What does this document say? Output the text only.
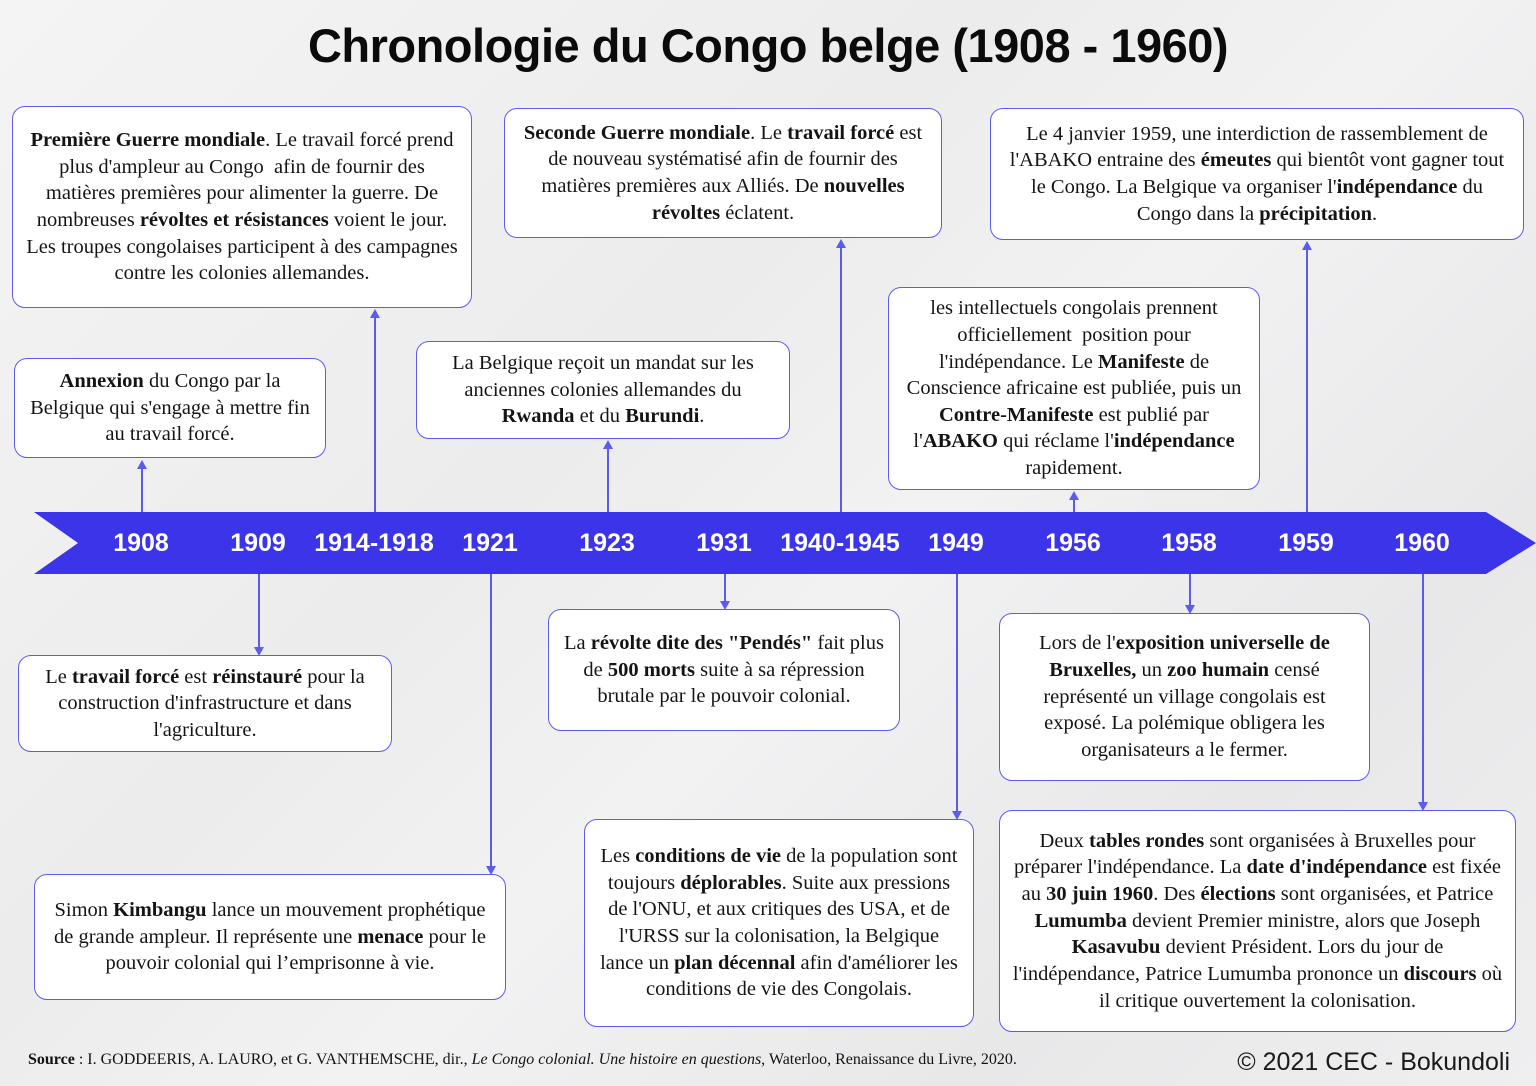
Chronologie du Congo belge (1908 - 1960)
Première Guerre mondiale. Le travail forcé prend plus d'ampleur au Congo  afin de fournir des matières premières pour alimenter la guerre. De nombreuses révoltes et résistances voient le jour. Les troupes congolaises participent à des campagnes contre les colonies allemandes.
Seconde Guerre mondiale. Le travail forcé est de nouveau systématisé afin de fournir des matières premières aux Alliés. De nouvelles révoltes éclatent.
Le 4 janvier 1959, une interdiction de rassemblement de l'ABAKO entraine des émeutes qui bientôt vont gagner tout le Congo. La Belgique va organiser l'indépendance du Congo dans la précipitation.
Annexion du Congo par la Belgique qui s'engage à mettre fin au travail forcé.
La Belgique reçoit un mandat sur les anciennes colonies allemandes du Rwanda et du Burundi.
les intellectuels congolais prennent officiellement  position pour l'indépendance. Le Manifeste de Conscience africaine est publiée, puis un Contre-Manifeste est publié par l'ABAKO qui réclame l'indépendance rapidement.
Le travail forcé est réinstauré pour la construction d'infrastructure et dans l'agriculture.
Simon Kimbangu lance un mouvement prophétique de grande ampleur. Il représente une menace pour le pouvoir colonial qui l’emprisonne à vie.
La révolte dite des "Pendés" fait plus de 500 morts suite à sa répression brutale par le pouvoir colonial.
Les conditions de vie de la population sont toujours déplorables. Suite aux pressions de l'ONU, et aux critiques des USA, et de l'URSS sur la colonisation, la Belgique lance un plan décennal afin d'améliorer les conditions de vie des Congolais.
Lors de l'exposition universelle de Bruxelles, un zoo humain censé représenté un village congolais est exposé. La polémique obligera les organisateurs a le fermer.
Deux tables rondes sont organisées à Bruxelles pour préparer l'indépendance. La date d'indépendance est fixée au 30 juin 1960. Des élections sont organisées, et Patrice Lumumba devient Premier ministre, alors que Joseph Kasavubu devient Président. Lors du jour de l'indépendance, Patrice Lumumba prononce un discours où il critique ouvertement la colonisation.
1908 1909 1914-1918 1921 1923 1931 1940-1945 1949 1956 1958 1959 1960
Source : I. GODDEERIS, A. LAURO, et G. VANTHEMSCHE, dir., Le Congo colonial. Une histoire en questions, Waterloo, Renaissance du Livre, 2020.	© 2021 CEC - Bokundoli
